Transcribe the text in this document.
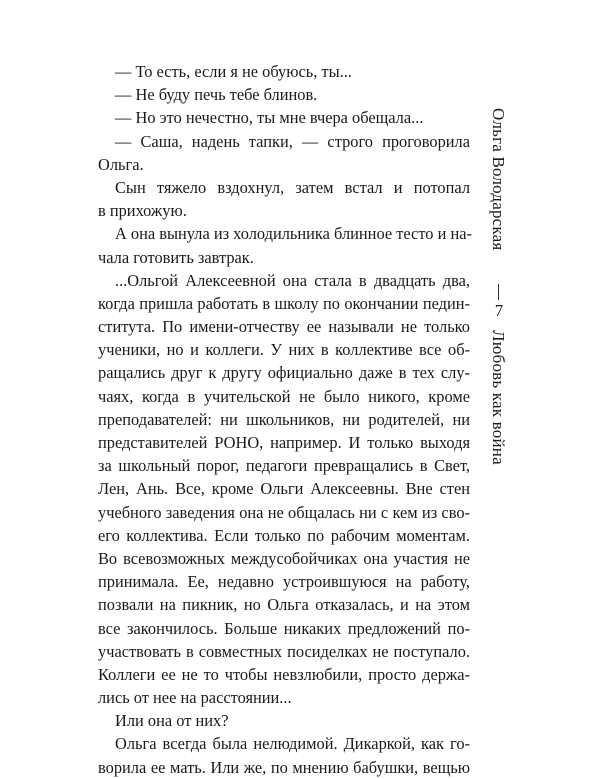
— То есть, если я не обуюсь, ты...
— Не буду печь тебе блинов.
— Но это нечестно, ты мне вчера обещала...
— Саша, надень тапки, — строго проговорила
Ольга.
Сын тяжело вздохнул, затем встал и потопал
в прихожую.
А она вынула из холодильника блинное тесто и на-
чала готовить завтрак.
...Ольгой Алексеевной она стала в двадцать два,
когда пришла работать в школу по окончании педин-
ститута. По имени-отчеству ее называли не только
ученики, но и коллеги. У них в коллективе все об-
ращались друг к другу официально даже в тех слу-
чаях, когда в учительской не было никого, кроме
преподавателей: ни школьников, ни родителей, ни
представителей РОНО, например. И только выходя
за школьный порог, педагоги превращались в Свет,
Лен, Ань. Все, кроме Ольги Алексеевны. Вне стен
учебного заведения она не общалась ни с кем из сво-
его коллектива. Если только по рабочим моментам.
Во всевозможных междусобойчиках она участия не
принимала. Ее, недавно устроившуюся на работу,
позвали на пикник, но Ольга отказалась, и на этом
все закончилось. Больше никаких предложений по-
участвовать в совместных посиделках не поступало.
Коллеги ее не то чтобы невзлюбили, просто держа-
лись от нее на расстоянии...
Или она от них?
Ольга всегда была нелюдимой. Дикаркой, как го-
ворила ее мать. Или же, по мнению бабушки, вещью
Ольга Володарская
7
Любовь как война
